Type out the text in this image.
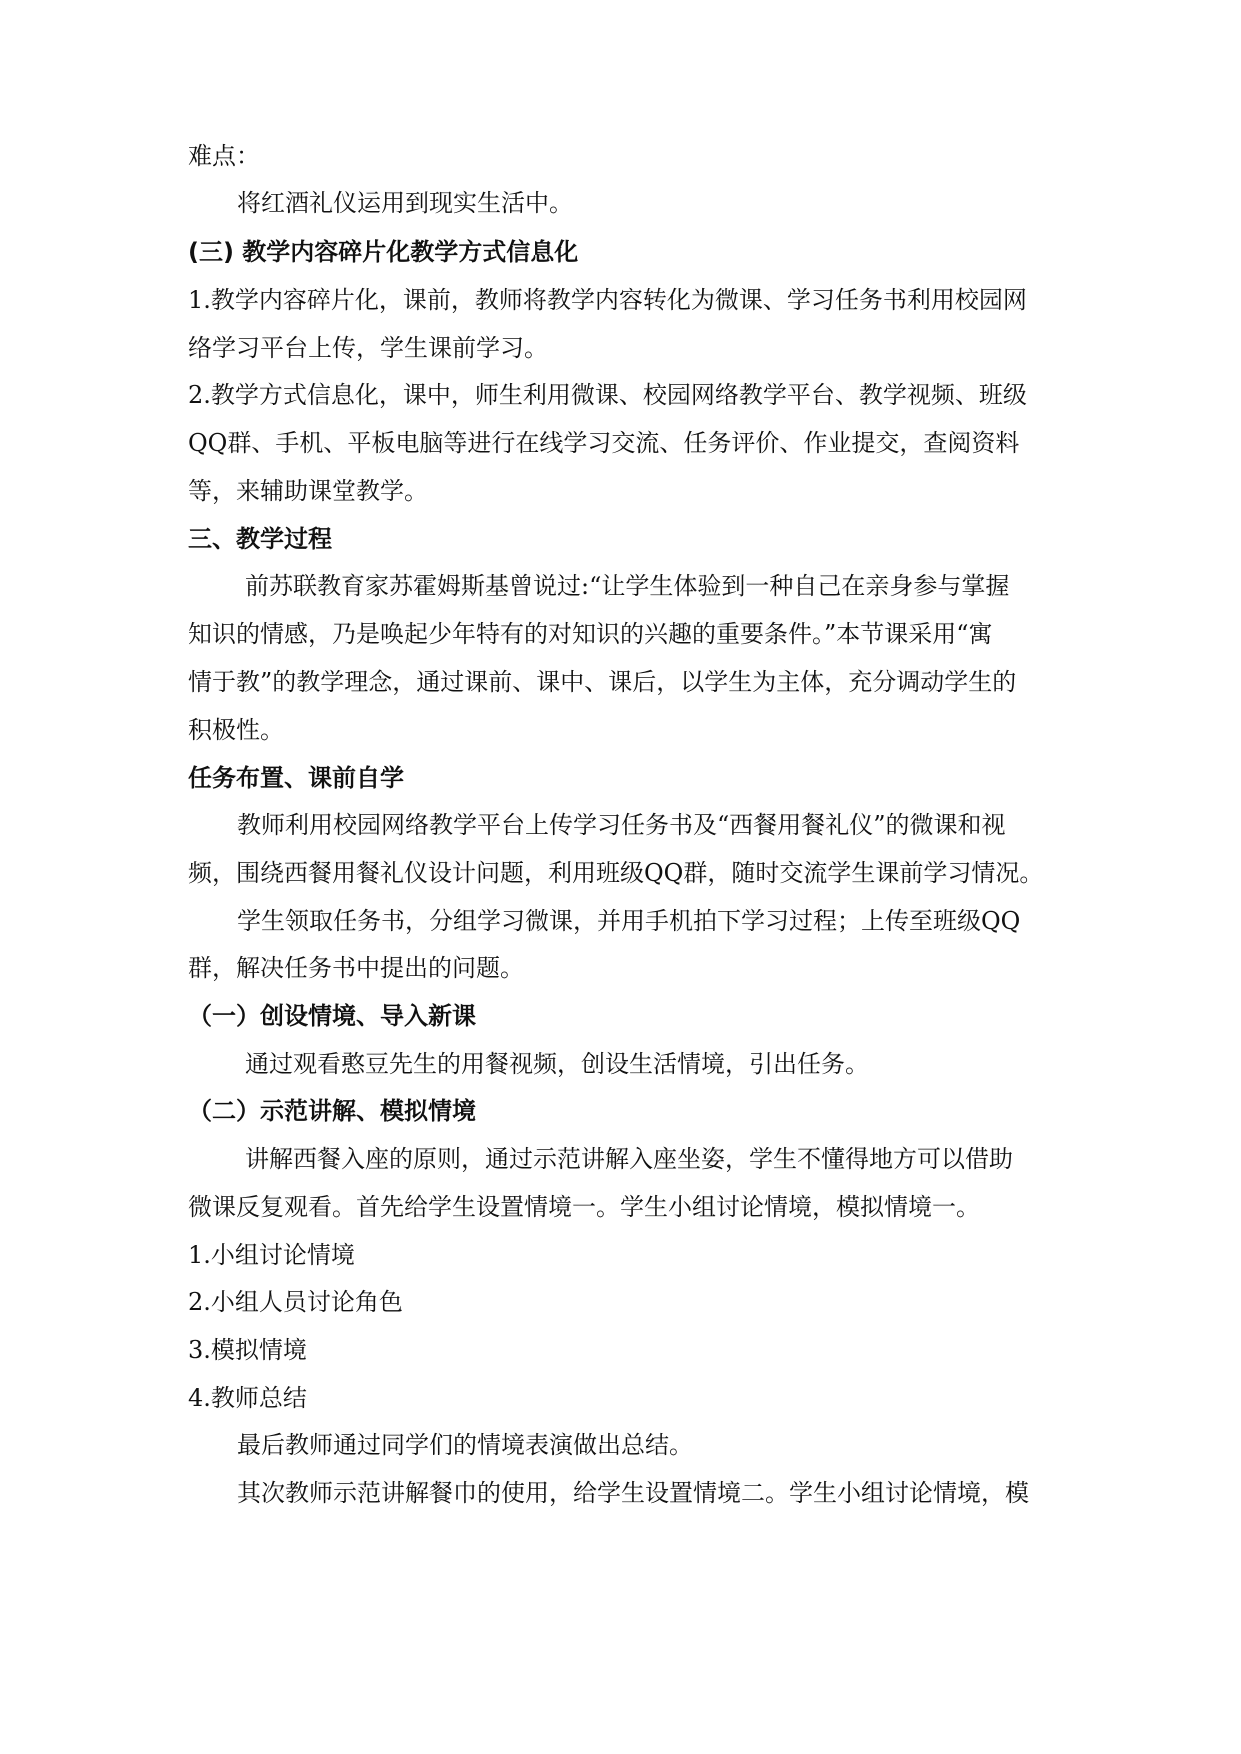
难点：
将红酒礼仪运用到现实生活中。
(三) 教学内容碎片化教学方式信息化
1.教学内容碎片化，课前，教师将教学内容转化为微课、学习任务书利用校园网
络学习平台上传，学生课前学习。
2.教学方式信息化，课中，师生利用微课、校园网络教学平台、教学视频、班级
QQ群、手机、平板电脑等进行在线学习交流、任务评价、作业提交，查阅资料
等，来辅助课堂教学。
三、教学过程
前苏联教育家苏霍姆斯基曾说过:“让学生体验到一种自己在亲身参与掌握
知识的情感，乃是唤起少年特有的对知识的兴趣的重要条件。”本节课采用“寓
情于教”的教学理念，通过课前、课中、课后，以学生为主体，充分调动学生的
积极性。
任务布置、课前自学
教师利用校园网络教学平台上传学习任务书及“西餐用餐礼仪”的微课和视
频，围绕西餐用餐礼仪设计问题，利用班级QQ群，随时交流学生课前学习情况。
学生领取任务书，分组学习微课，并用手机拍下学习过程；上传至班级QQ
群，解决任务书中提出的问题。
（一）创设情境、导入新课
通过观看憨豆先生的用餐视频，创设生活情境，引出任务。
（二）示范讲解、模拟情境
讲解西餐入座的原则，通过示范讲解入座坐姿，学生不懂得地方可以借助
微课反复观看。首先给学生设置情境一。学生小组讨论情境，模拟情境一。
1.小组讨论情境
2.小组人员讨论角色
3.模拟情境
4.教师总结
最后教师通过同学们的情境表演做出总结。
其次教师示范讲解餐巾的使用，给学生设置情境二。学生小组讨论情境，模
